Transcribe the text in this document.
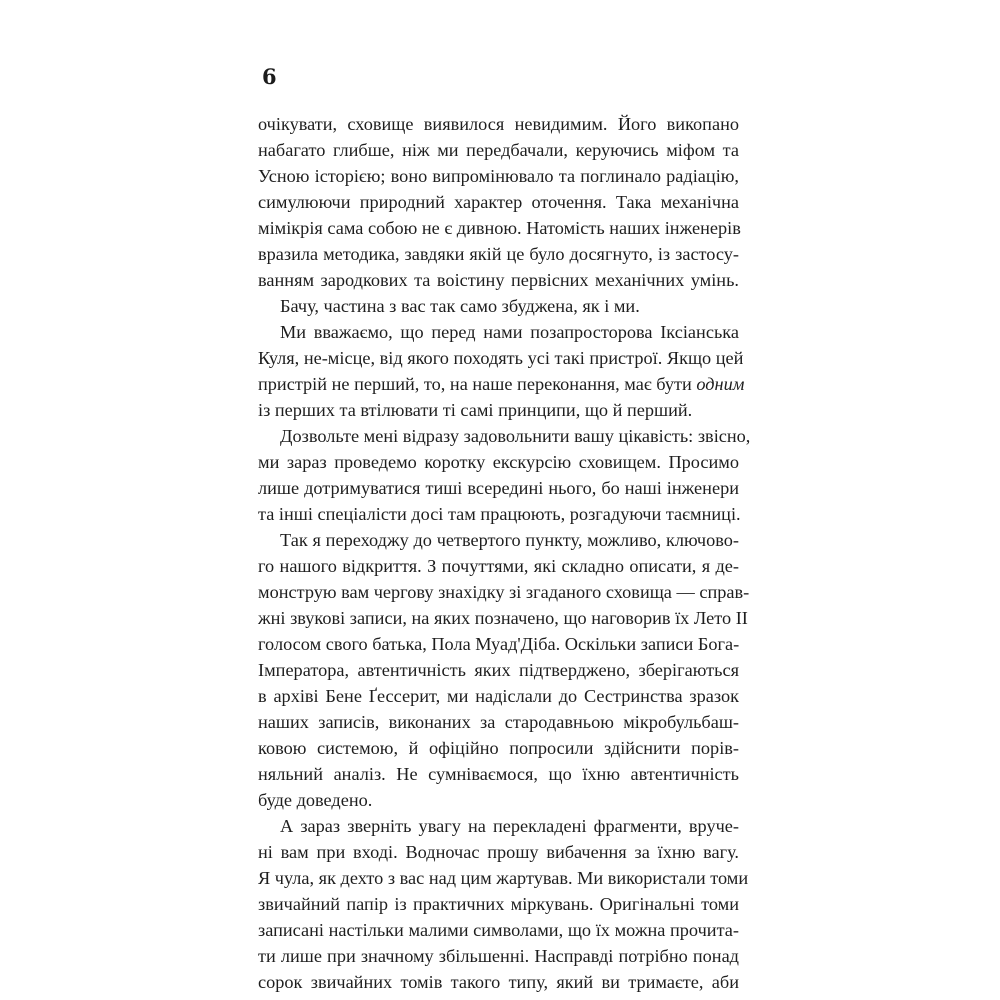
6
очікувати, сховище виявилося невидимим. Його викопано
набагато глибше, ніж ми передбачали, керуючись міфом та
Усною історією; воно випромінювало та поглинало радіацію,
симулюючи природний характер оточення. Така механічна
мімікрія сама собою не є дивною. Натомість наших інженерів
вразила методика, завдяки якій це було досягнуто, із застосу-
ванням зародкових та воістину первісних механічних умінь.
Бачу, частина з вас так само збуджена, як і ми.
Ми вважаємо, що перед нами позапросторова Іксіанська
Куля, не-місце, від якого походять усі такі пристрої. Якщо цей
пристрій не перший, то, на наше переконання, має бути одним
із перших та втілювати ті самі принципи, що й перший.
Дозвольте мені відразу задовольнити вашу цікавість: звісно,
ми зараз проведемо коротку екскурсію сховищем. Просимо
лише дотримуватися тиші всередині нього, бо наші інженери
та інші спеціалісти досі там працюють, розгадуючи таємниці.
Так я переходжу до четвертого пункту, можливо, ключово-
го нашого відкриття. З почуттями, які складно описати, я де-
монструю вам чергову знахідку зі згаданого сховища — справ-
жні звукові записи, на яких позначено, що наговорив їх Лето ІІ
голосом свого батька, Пола Муад'Діба. Оскільки записи Бога-
Імператора, автентичність яких підтверджено, зберігаються
в архіві Бене Ґессерит, ми надіслали до Сестринства зразок
наших записів, виконаних за стародавньою мікробульбаш-
ковою системою, й офіційно попросили здійснити порів-
няльний аналіз. Не сумніваємося, що їхню автентичність
буде доведено.
А зараз зверніть увагу на перекладені фрагменти, вруче-
ні вам при вході. Водночас прошу вибачення за їхню вагу.
Я чула, як дехто з вас над цим жартував. Ми використали томи
звичайний папір із практичних міркувань. Оригінальні томи
записані настільки малими символами, що їх можна прочита-
ти лише при значному збільшенні. Насправді потрібно понад
сорок звичайних томів такого типу, який ви тримаєте, аби
